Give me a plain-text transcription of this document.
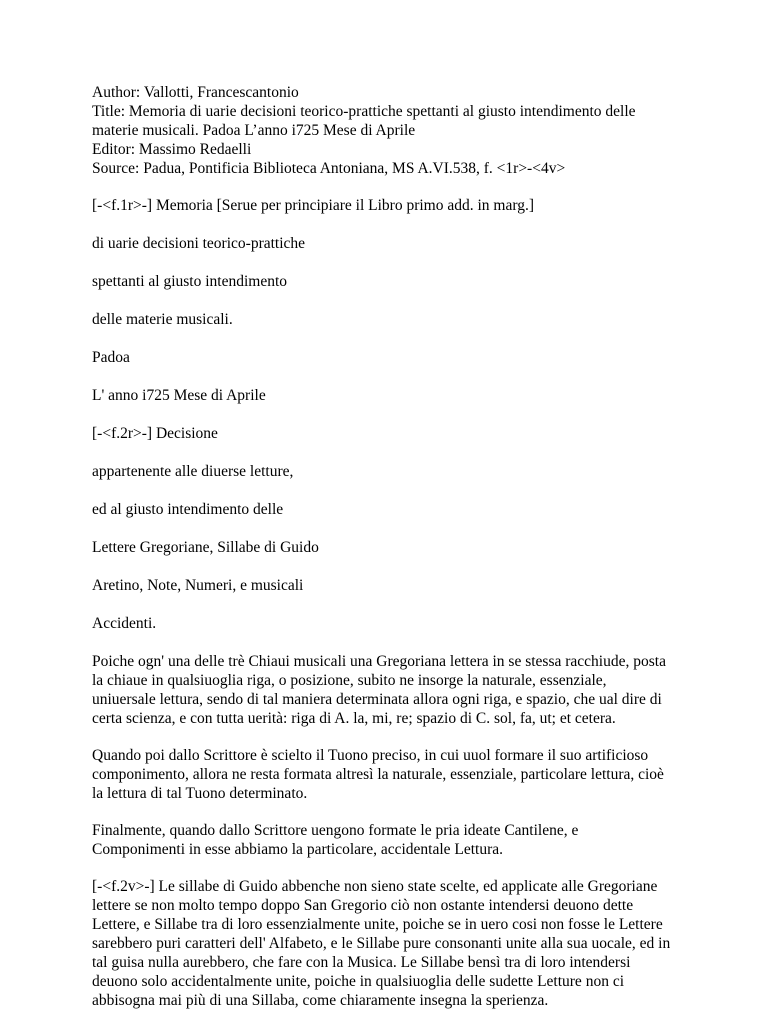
Author: Vallotti, Francescantonio

Title: Memoria di uarie decisioni teorico-prattiche spettanti al giusto intendimento delle materie musicali. Padoa L’anno i725 Mese di Aprile

Editor: Massimo Redaelli

Source: Padua, Pontificia Biblioteca Antoniana, MS A.VI.538, f. <1r>-<4v>

[-<f.1r>-] Memoria [Serue per principiare il Libro primo add. in marg.]

di uarie decisioni teorico-prattiche

spettanti al giusto intendimento

delle materie musicali.

Padoa

L' anno i725 Mese di Aprile

[-<f.2r>-] Decisione

appartenente alle diuerse letture,

ed al giusto intendimento delle

Lettere Gregoriane, Sillabe di Guido

Aretino, Note, Numeri, e musicali

Accidenti.

Poiche ogn' una delle trè Chiaui musicali una Gregoriana lettera in se stessa racchiude, posta la chiaue in qualsiuoglia riga, o posizione, subito ne insorge la naturale, essenziale, uniuersale lettura, sendo di tal maniera determinata allora ogni riga, e spazio, che ual dire di certa scienza, e con tutta uerità: riga di A. la, mi, re; spazio di C. sol, fa, ut; et cetera.

Quando poi dallo Scrittore è scielto il Tuono preciso, in cui uuol formare il suo artificioso componimento, allora ne resta formata altresì la naturale, essenziale, particolare lettura, cioè la lettura di tal Tuono determinato.

Finalmente, quando dallo Scrittore uengono formate le pria ideate Cantilene, e Componimenti in esse abbiamo la particolare, accidentale Lettura.

[-<f.2v>-] Le sillabe di Guido abbenche non sieno state scelte, ed applicate alle Gregoriane lettere se non molto tempo doppo San Gregorio ciò non ostante intendersi deuono dette Lettere, e Sillabe tra di loro essenzialmente unite, poiche se in uero cosi non fosse le Lettere sarebbero puri caratteri dell' Alfabeto, e le Sillabe pure consonanti unite alla sua uocale, ed in tal guisa nulla aurebbero, che fare con la Musica. Le Sillabe bensì tra di loro intendersi deuono solo accidentalmente unite, poiche in qualsiuoglia delle sudette Letture non ci abbisogna mai più di una Sillaba, come chiaramente insegna la sperienza.
